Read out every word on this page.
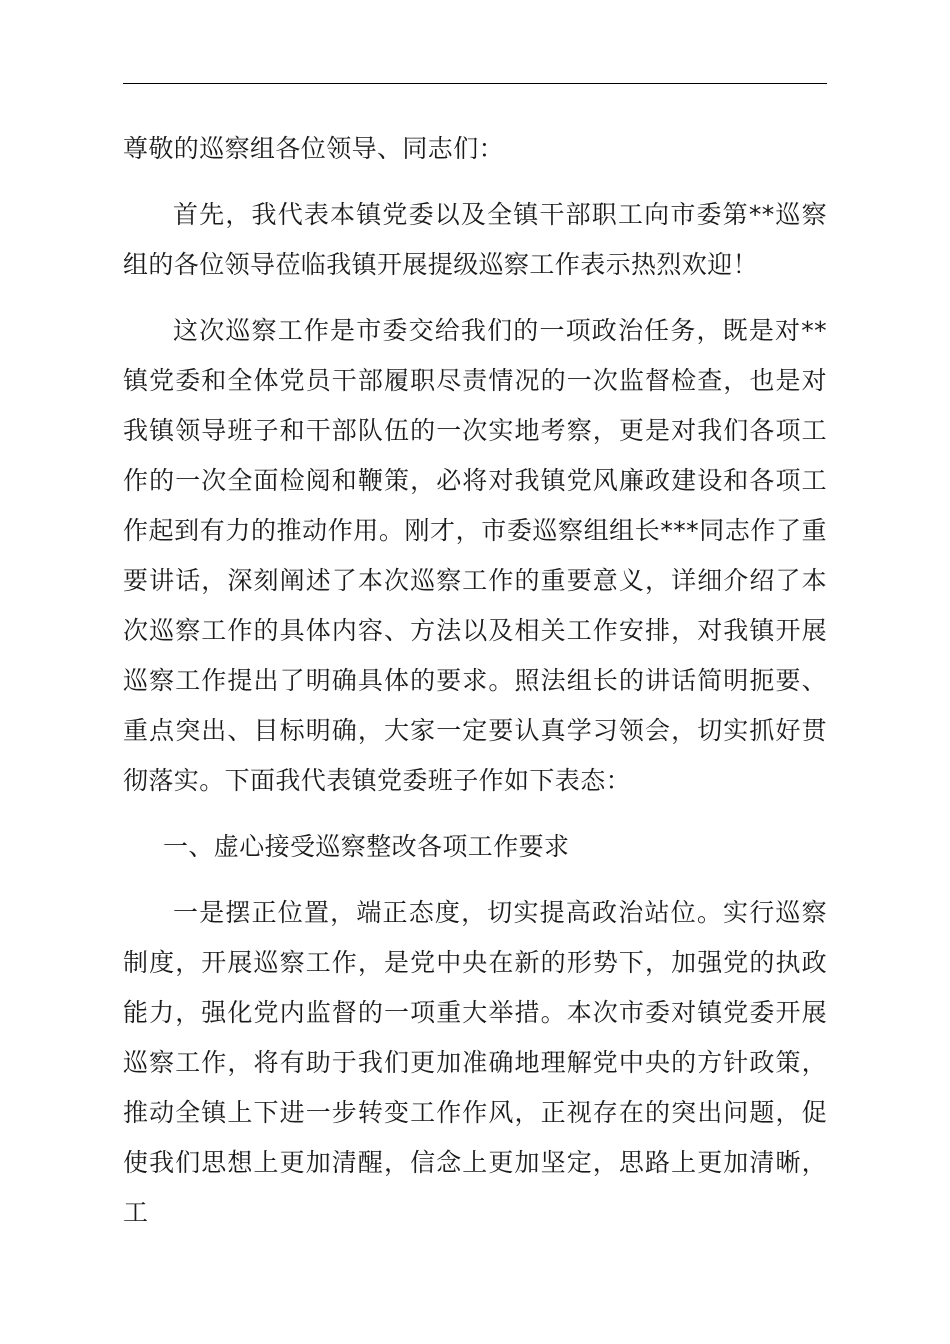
尊敬的巡察组各位领导、同志们：

首先，我代表本镇党委以及全镇干部职工向市委第**巡察组的各位领导莅临我镇开展提级巡察工作表示热烈欢迎！

这次巡察工作是市委交给我们的一项政治任务，既是对**镇党委和全体党员干部履职尽责情况的一次监督检查，也是对我镇领导班子和干部队伍的一次实地考察，更是对我们各项工作的一次全面检阅和鞭策，必将对我镇党风廉政建设和各项工作起到有力的推动作用。刚才，市委巡察组组长***同志作了重要讲话，深刻阐述了本次巡察工作的重要意义，详细介绍了本次巡察工作的具体内容、方法以及相关工作安排，对我镇开展巡察工作提出了明确具体的要求。照法组长的讲话简明扼要、重点突出、目标明确，大家一定要认真学习领会，切实抓好贯彻落实。下面我代表镇党委班子作如下表态：

一、虚心接受巡察整改各项工作要求

一是摆正位置，端正态度，切实提高政治站位。实行巡察制度，开展巡察工作，是党中央在新的形势下，加强党的执政能力，强化党内监督的一项重大举措。本次市委对镇党委开展巡察工作，将有助于我们更加准确地理解党中央的方针政策，推动全镇上下进一步转变工作作风，正视存在的突出问题，促使我们思想上更加清醒，信念上更加坚定，思路上更加清晰，工
